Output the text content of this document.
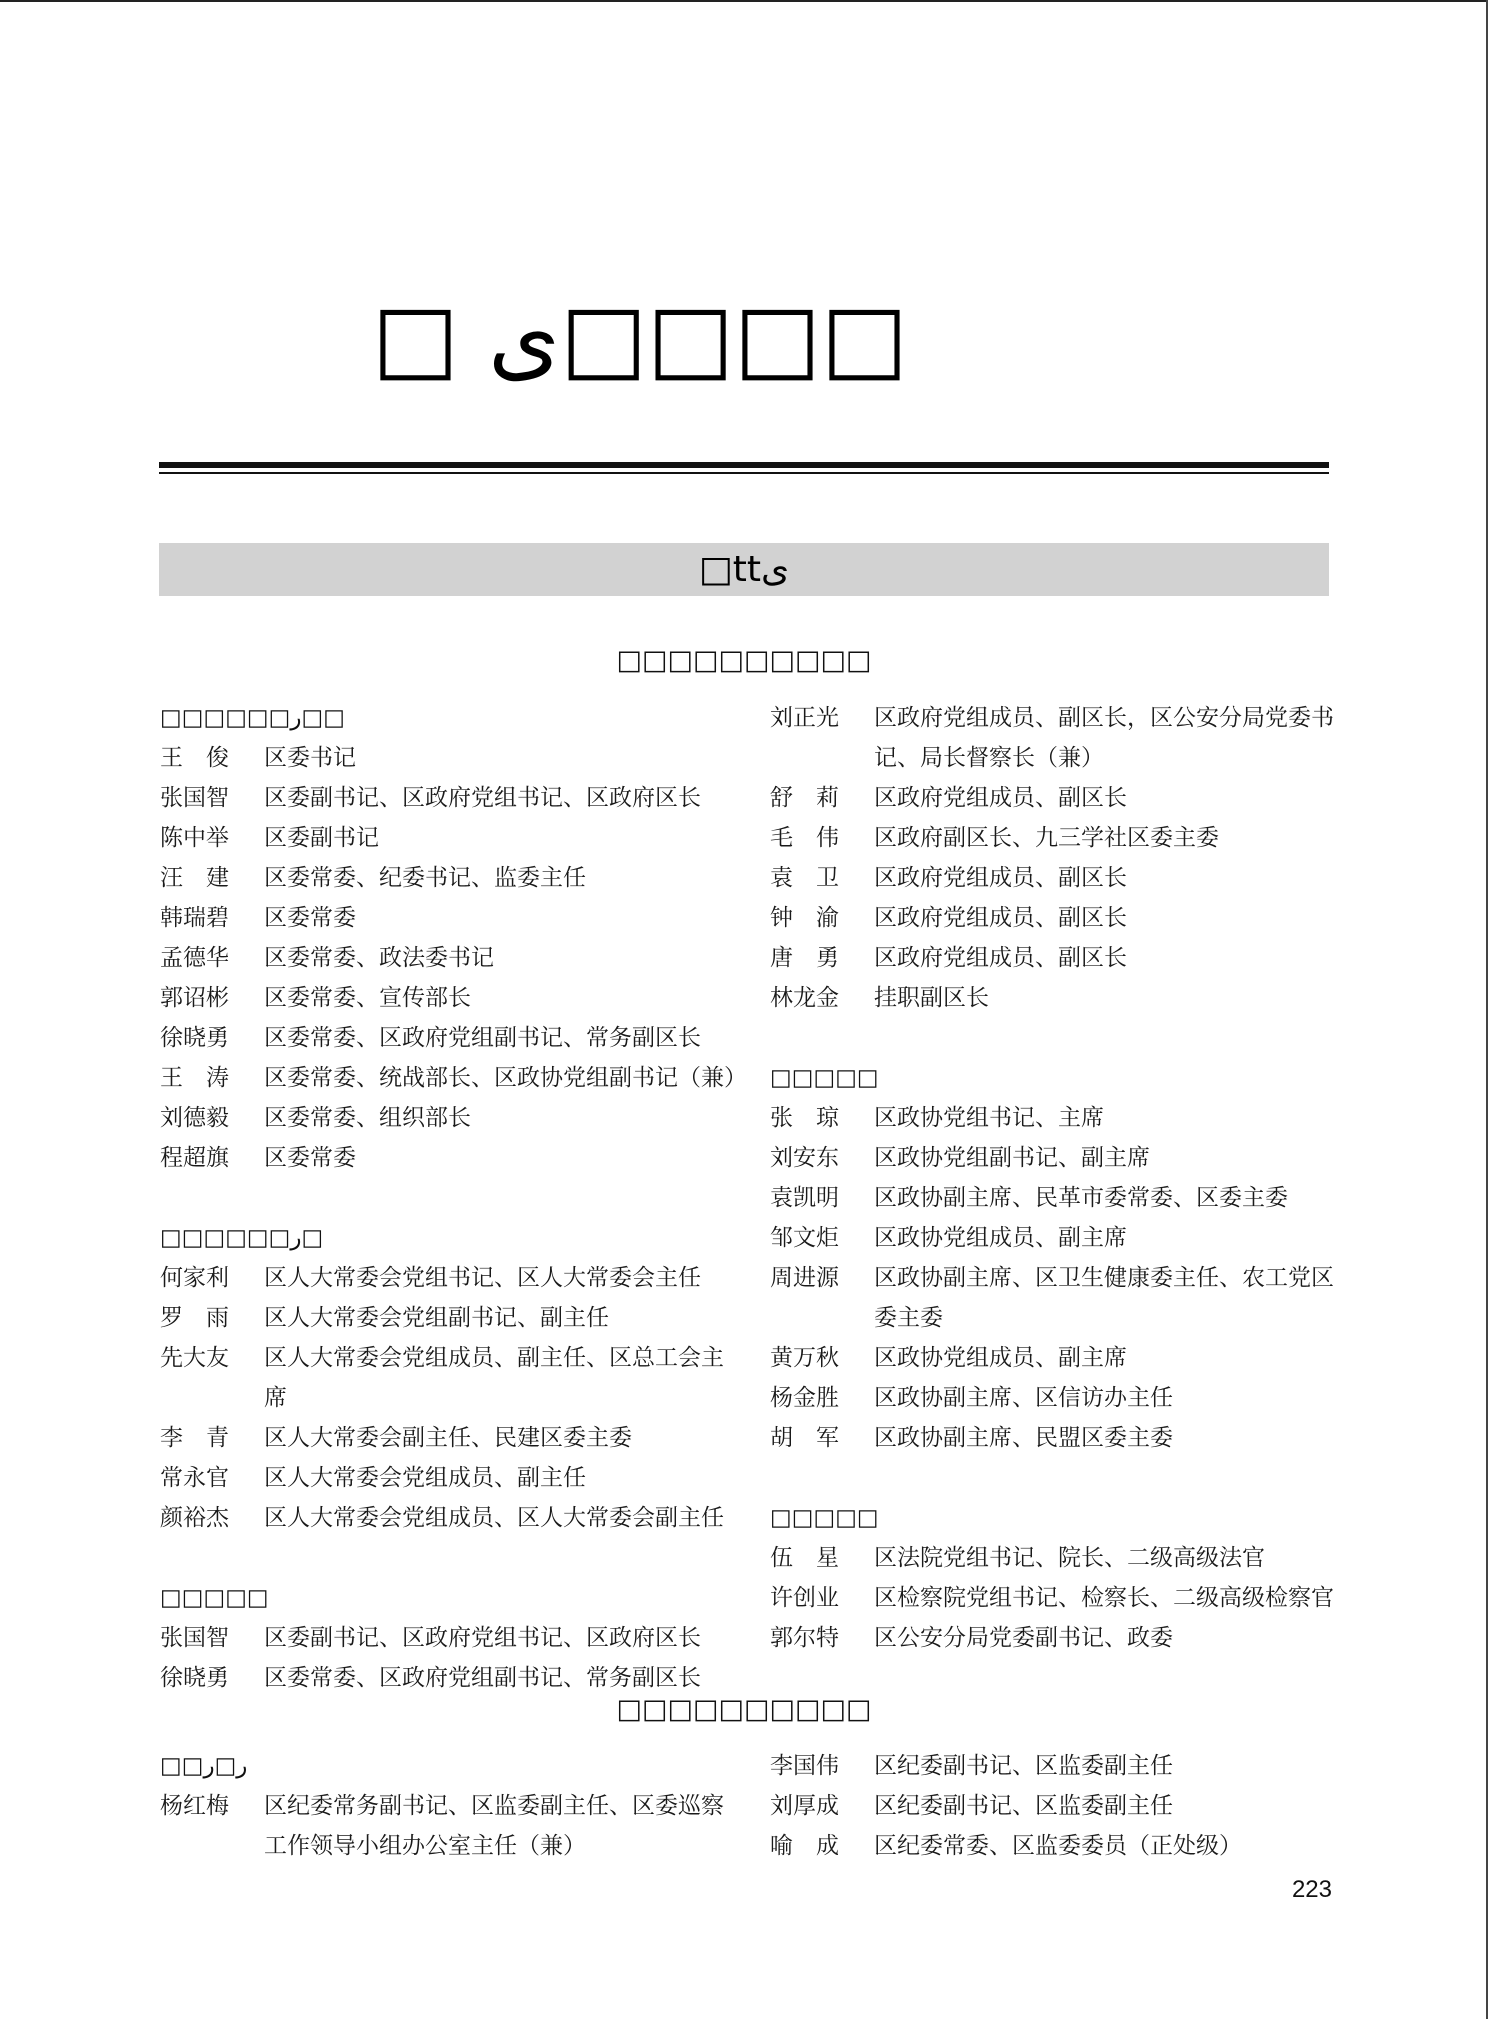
□ ى□□□□
□ttى
□□□□□□□□□□
□□□□□□ر□□
王　俊	区委书记
张国智	区委副书记、区政府党组书记、区政府区长
陈中举	区委副书记
汪　建	区委常委、纪委书记、监委主任
韩瑞碧	区委常委
孟德华	区委常委、政法委书记
郭诏彬	区委常委、宣传部长
徐晓勇	区委常委、区政府党组副书记、常务副区长
王　涛	区委常委、统战部长、区政协党组副书记（兼）
刘德毅	区委常委、组织部长
程超旗	区委常委
□□□□□□ر□
何家利	区人大常委会党组书记、区人大常委会主任
罗　雨	区人大常委会党组副书记、副主任
先大友	区人大常委会党组成员、副主任、区总工会主席
李　青	区人大常委会副主任、民建区委主委
常永官	区人大常委会党组成员、副主任
颜裕杰	区人大常委会党组成员、区人大常委会副主任
□□□□□
张国智	区委副书记、区政府党组书记、区政府区长
徐晓勇	区委常委、区政府党组副书记、常务副区长
刘正光	区政府党组成员、副区长，区公安分局党委书记、局长督察长（兼）
舒　莉	区政府党组成员、副区长
毛　伟	区政府副区长、九三学社区委主委
袁　卫	区政府党组成员、副区长
钟　渝	区政府党组成员、副区长
唐　勇	区政府党组成员、副区长
林龙金	挂职副区长
□□□□□
张　琼	区政协党组书记、主席
刘安东	区政协党组副书记、副主席
袁凯明	区政协副主席、民革市委常委、区委主委
邹文炬	区政协党组成员、副主席
周进源	区政协副主席、区卫生健康委主任、农工党区委主委
黄万秋	区政协党组成员、副主席
杨金胜	区政协副主席、区信访办主任
胡　军	区政协副主席、民盟区委主委
□□□□□
伍　星	区法院党组书记、院长、二级高级法官
许创业	区检察院党组书记、检察长、二级高级检察官
郭尔特	区公安分局党委副书记、政委
□□□□□□□□□□
□□ر□ر
杨红梅	区纪委常务副书记、区监委副主任、区委巡察工作领导小组办公室主任（兼）
李国伟	区纪委副书记、区监委副主任
刘厚成	区纪委副书记、区监委副主任
喻　成	区纪委常委、区监委委员（正处级）
223
